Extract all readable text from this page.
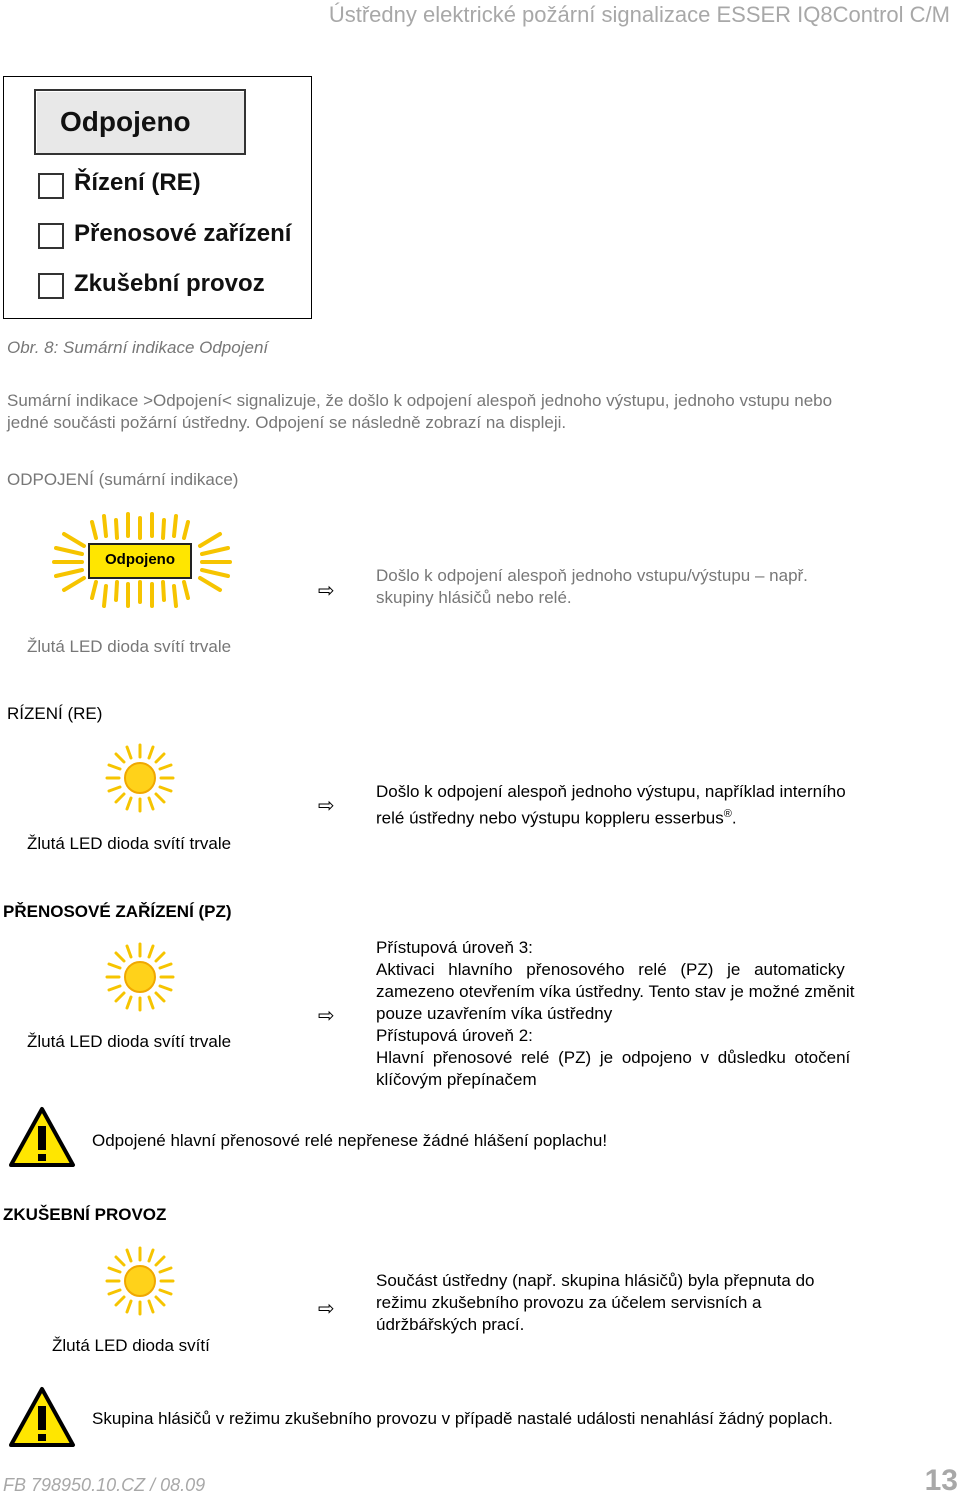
Ústředny elektrické požární signalizace ESSER IQ8Control C/M
Odpojeno
Řízení (RE)
Přenosové zařízení
Zkušební provoz
Obr. 8: Sumární indikace Odpojení
Sumární indikace >Odpojení< signalizuje, že došlo k odpojení alespoň jednoho výstupu, jednoho vstupu nebo
jedné součásti požární ústředny. Odpojení se následně zobrazí na displeji.
ODPOJENÍ (sumární indikace)
Odpojeno
⇨
Došlo k odpojení alespoň jednoho vstupu/výstupu – např.
skupiny hlásičů nebo relé.
Žlutá LED dioda svítí trvale
RÍZENÍ (RE)
⇨
Došlo k odpojení alespoň jednoho výstupu, například interního
relé ústředny nebo výstupu koppleru esserbus®.
Žlutá LED dioda svítí trvale
PŘENOSOVÉ ZAŘÍZENÍ (PZ)
⇨
Přístupová úroveň 3:
Aktivaci hlavního přenosového relé (PZ) je automaticky
zamezeno otevřením víka ústředny. Tento stav je možné změnit
pouze uzavřením víka ústředny
Přístupová úroveň 2:
Hlavní přenosové relé (PZ) je odpojeno v důsledku otočení
klíčovým přepínačem
Žlutá LED dioda svítí trvale
Odpojené hlavní přenosové relé nepřenese žádné hlášení poplachu!
ZKUŠEBNÍ PROVOZ
⇨
Součást ústředny (např. skupina hlásičů) byla přepnuta do
režimu zkušebního provozu za účelem servisních a
údržbářských prací.
Žlutá LED dioda svítí
Skupina hlásičů v režimu zkušebního provozu v případě nastalé události nenahlásí žádný poplach.
FB 798950.10.CZ / 08.09	13
